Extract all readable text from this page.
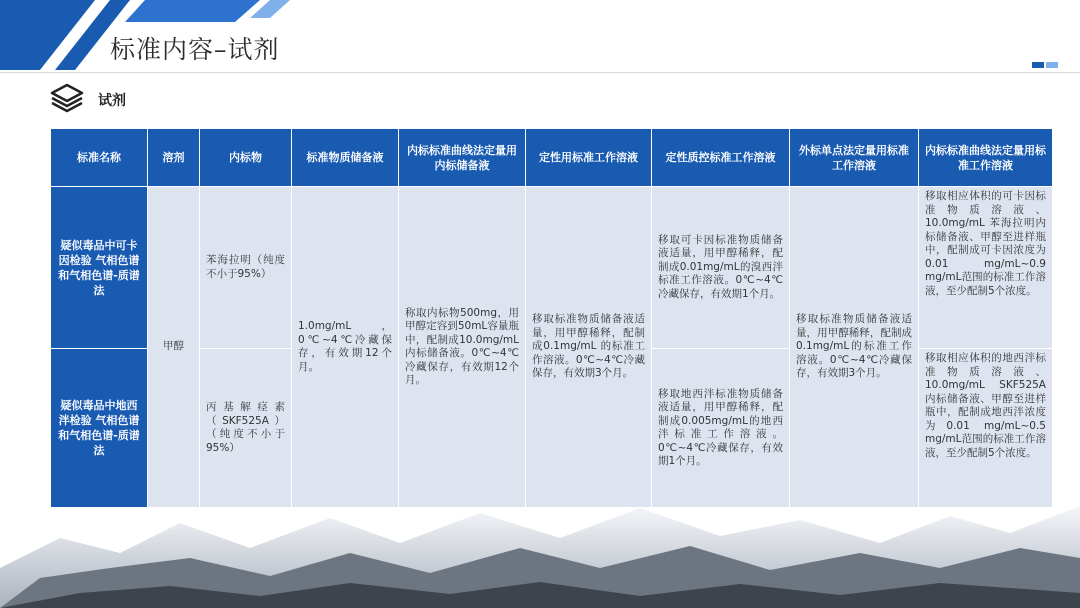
标准内容–试剂
试剂
标准名称	溶剂	内标物	标准物质储备液	内标标准曲线法定量用内标储备液	定性用标准工作溶液	定性质控标准工作溶液	外标单点法定量用标准工作溶液	内标标准曲线法定量用标准工作溶液
疑似毒品中可卡因检验 气相色谱和气相色谱-质谱法	甲醇	苯海拉明（纯度不小于95%）	1.0mg/mL ，0℃~4℃冷藏保存，有效期12个月。	称取内标物500mg，用甲醇定容到50mL容量瓶中，配制成10.0mg/mL 内标储备液。0℃~4℃冷藏保存，有效期12个月。	移取标准物质储备液适量，用甲醇稀释，配制成0.1mg/mL 的标准工作溶液。0℃~4℃冷藏保存，有效期3个月。	移取可卡因标准物质储备液适量，用甲醇稀释，配制成0.01mg/mL的溴西泮标准工作溶液。0℃~4℃冷藏保存，有效期1个月。	移取标准物质储备液适量，用甲醇稀释，配制成0.1mg/mL的标准工作溶液。0℃~4℃冷藏保存，有效期3个月。	移取相应体积的可卡因标准物质溶液、10.0mg/mL 苯海拉明内标储备液、甲醇至进样瓶中，配制成可卡因浓度为0.01 mg/mL~0.9 mg/mL范围的标准工作溶液，至少配制5个浓度。
疑似毒品中地西泮检验 气相色谱和气相色谱-质谱法		丙基解痉素（SKF525A）（纯度不小于95%）				移取地西泮标准物质储备液适量，用甲醇稀释，配制成0.005mg/mL的地西泮标准工作溶液。0℃~4℃冷藏保存，有效期1个月。		移取相应体积的地西泮标准物质溶液、10.0mg/mL SKF525A 内标储备液、甲醇至进样瓶中，配制成地西泮浓度为0.01 mg/mL~0.5 mg/mL范围的标准工作溶液，至少配制5个浓度。
